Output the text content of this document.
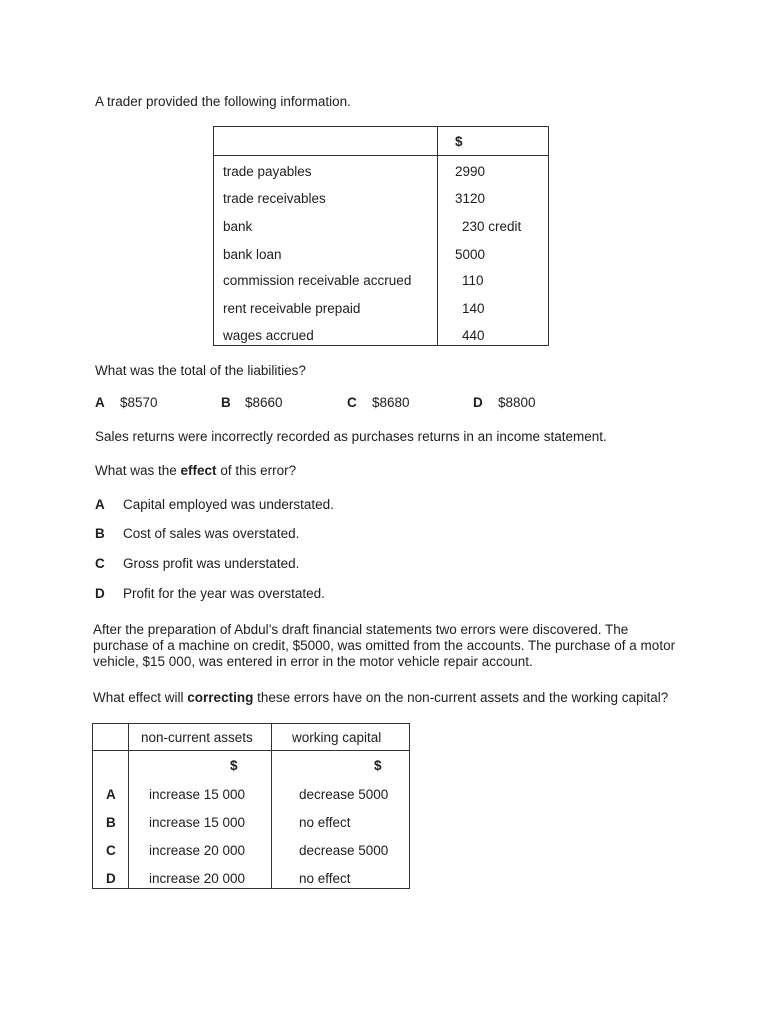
A trader provided the following information.
$
trade payables	2990
trade receivables	3120
bank	230 credit
bank loan	5000
commission receivable accrued	110
rent receivable prepaid	140
wages accrued	440
What was the total of the liabilities?
A $8570	B $8660	C $8680	D $8800
Sales returns were incorrectly recorded as purchases returns in an income statement.
What was the effect of this error?
A Capital employed was understated.
B Cost of sales was overstated.
C Gross profit was understated.
D Profit for the year was overstated.
After the preparation of Abdul’s draft financial statements two errors were discovered. The
purchase of a machine on credit, $5000, was omitted from the accounts. The purchase of a motor
vehicle, $15 000, was entered in error in the motor vehicle repair account.
What effect will correcting these errors have on the non-current assets and the working capital?
non-current assets	working capital
$	$
A increase 15 000	decrease 5000
B increase 15 000	no effect
C increase 20 000	decrease 5000
D increase 20 000	no effect
